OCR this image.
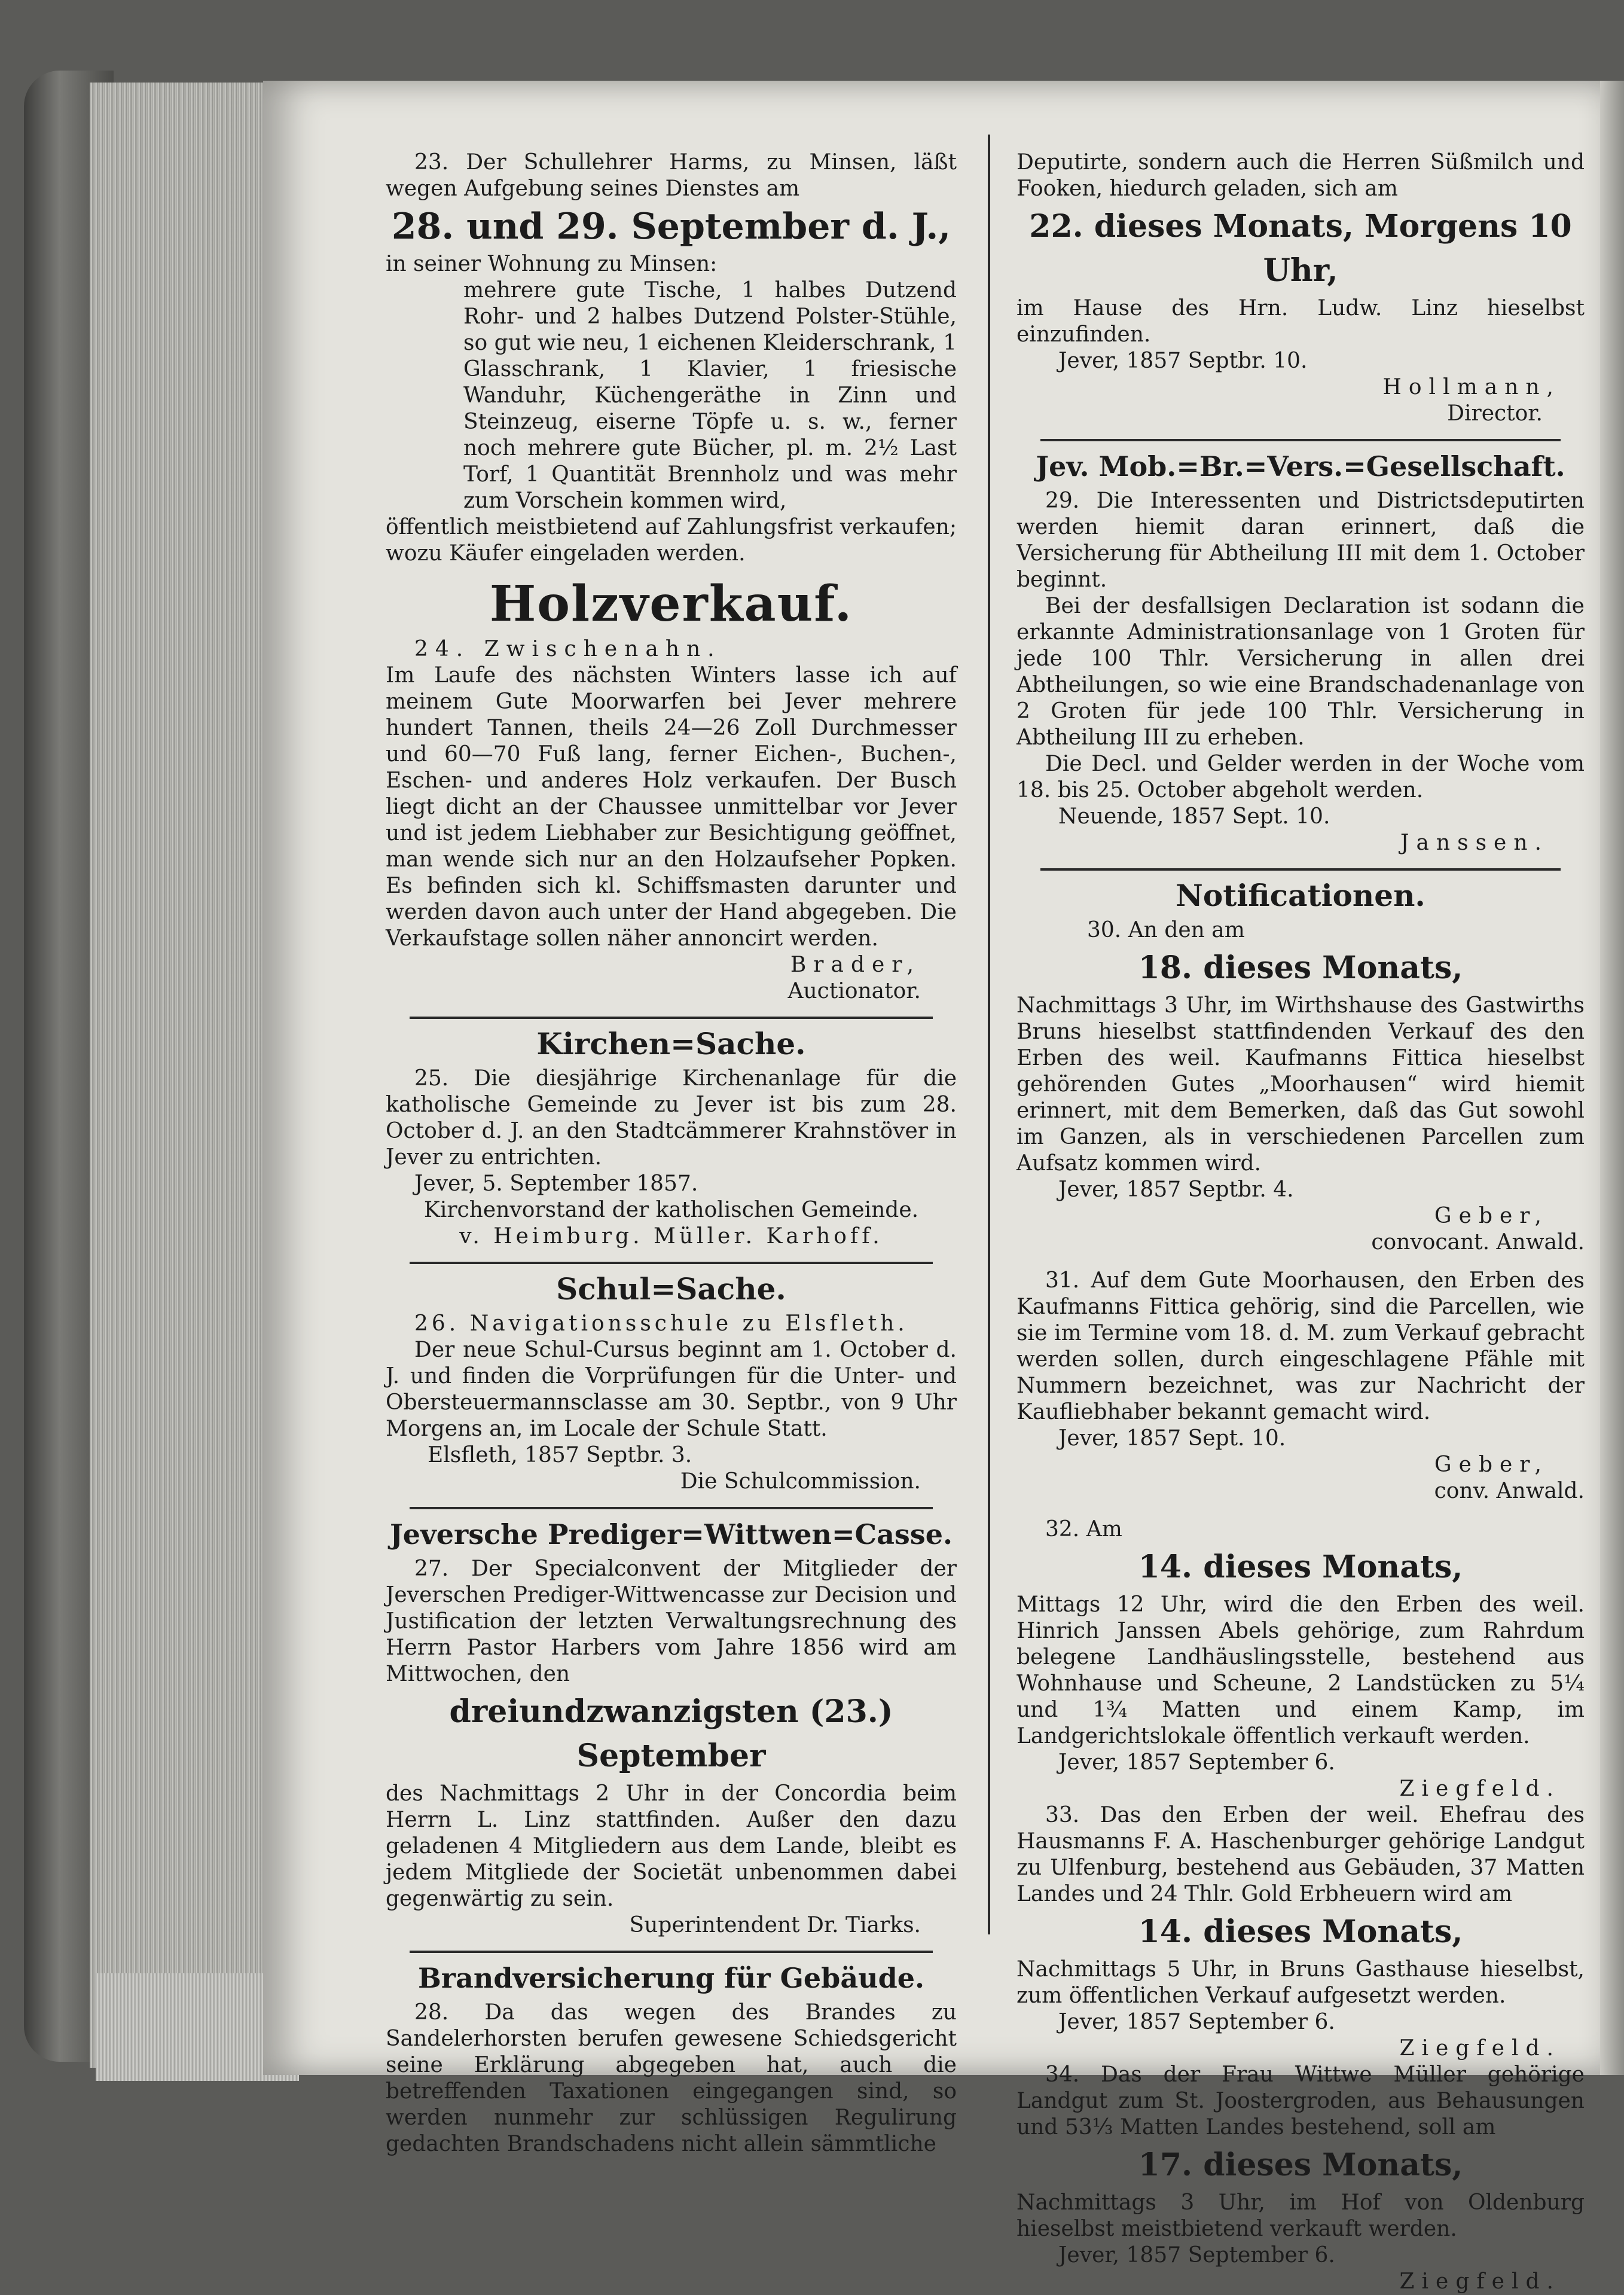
23. Der Schullehrer Harms, zu Minsen, läßt wegen Aufgebung seines Dienstes am

28. und 29. September d. J.,

in seiner Wohnung zu Minsen:

mehrere gute Tische, 1 halbes Dutzend Rohr- und 2 halbes Dutzend Polster-Stühle, so gut wie neu, 1 eichenen Kleiderschrank, 1 Glasschrank, 1 Klavier, 1 friesische Wanduhr, Küchengeräthe in Zinn und Steinzeug, eiserne Töpfe u. s. w., ferner noch mehrere gute Bücher, pl. m. 2½ Last Torf, 1 Quantität Brennholz und was mehr zum Vorschein kommen wird,

öffentlich meistbietend auf Zahlungsfrist verkaufen; wozu Käufer eingeladen werden.

Holzverkauf.

24. Zwischenahn.

Im Laufe des nächsten Winters lasse ich auf meinem Gute Moorwarfen bei Jever mehrere hundert Tannen, theils 24—26 Zoll Durchmesser und 60—70 Fuß lang, ferner Eichen-, Buchen-, Eschen- und anderes Holz verkaufen. Der Busch liegt dicht an der Chaussee unmittelbar vor Jever und ist jedem Liebhaber zur Besichtigung geöffnet, man wende sich nur an den Holzaufseher Popken. Es befinden sich kl. Schiffsmasten darunter und werden davon auch unter der Hand abgegeben. Die Verkaufstage sollen näher annoncirt werden.

Brader,

Auctionator.

Kirchen=Sache.

25. Die diesjährige Kirchenanlage für die katholische Gemeinde zu Jever ist bis zum 28. October d. J. an den Stadtcämmerer Krahnstöver in Jever zu entrichten.

Jever, 5. September 1857.

Kirchenvorstand der katholischen Gemeinde.

v. Heimburg. Müller. Karhoff.

Schul=Sache.

26. Navigationsschule zu Elsfleth.

Der neue Schul-Cursus beginnt am 1. October d. J. und finden die Vorprüfungen für die Unter- und Obersteuermannsclasse am 30. Septbr., von 9 Uhr Morgens an, im Locale der Schule Statt.

Elsfleth, 1857 Septbr. 3.

Die Schulcommission.

Jeversche Prediger=Wittwen=Casse.

27. Der Specialconvent der Mitglieder der Jeverschen Prediger-Wittwencasse zur Decision und Justification der letzten Verwaltungsrechnung des Herrn Pastor Harbers vom Jahre 1856 wird am Mittwochen, den

dreiundzwanzigsten (23.) September

des Nachmittags 2 Uhr in der Concordia beim Herrn L. Linz stattfinden. Außer den dazu geladenen 4 Mitgliedern aus dem Lande, bleibt es jedem Mitgliede der Societät unbenommen dabei gegenwärtig zu sein.

Superintendent Dr. Tiarks.

Brandversicherung für Gebäude.

28. Da das wegen des Brandes zu Sandelerhorsten berufen gewesene Schiedsgericht seine Erklärung abgegeben hat, auch die betreffenden Taxationen eingegangen sind, so werden nunmehr zur schlüssigen Regulirung gedachten Brandschadens nicht allein sämmtliche

Deputirte, sondern auch die Herren Süßmilch und Fooken, hiedurch geladen, sich am

22. dieses Monats, Morgens 10 Uhr,

im Hause des Hrn. Ludw. Linz hieselbst einzufinden.

Jever, 1857 Septbr. 10.

Hollmann,

Director.

Jev. Mob.=Br.=Vers.=Gesellschaft.

29. Die Interessenten und Districtsdeputirten werden hiemit daran erinnert, daß die Versicherung für Abtheilung III mit dem 1. October beginnt.

Bei der desfallsigen Declaration ist sodann die erkannte Administrationsanlage von 1 Groten für jede 100 Thlr. Versicherung in allen drei Abtheilungen, so wie eine Brandschadenanlage von 2 Groten für jede 100 Thlr. Versicherung in Abtheilung III zu erheben.

Die Decl. und Gelder werden in der Woche vom 18. bis 25. October abgeholt werden.

Neuende, 1857 Sept. 10.

Janssen.

Notificationen.

30. An den am

18. dieses Monats,

Nachmittags 3 Uhr, im Wirthshause des Gastwirths Bruns hieselbst stattfindenden Verkauf des den Erben des weil. Kaufmanns Fittica hieselbst gehörenden Gutes „Moorhausen“ wird hiemit erinnert, mit dem Bemerken, daß das Gut sowohl im Ganzen, als in verschiedenen Parcellen zum Aufsatz kommen wird.

Jever, 1857 Septbr. 4.

Geber,

convocant. Anwald.

31. Auf dem Gute Moorhausen, den Erben des Kaufmanns Fittica gehörig, sind die Parcellen, wie sie im Termine vom 18. d. M. zum Verkauf gebracht werden sollen, durch eingeschlagene Pfähle mit Nummern bezeichnet, was zur Nachricht der Kaufliebhaber bekannt gemacht wird.

Jever, 1857 Sept. 10.

Geber,

conv. Anwald.

32. Am

14. dieses Monats,

Mittags 12 Uhr, wird die den Erben des weil. Hinrich Janssen Abels gehörige, zum Rahrdum belegene Landhäuslingsstelle, bestehend aus Wohnhause und Scheune, 2 Landstücken zu 5¼ und 1¾ Matten und einem Kamp, im Landgerichtslokale öffentlich verkauft werden.

Jever, 1857 September 6.

Ziegfeld.

33. Das den Erben der weil. Ehefrau des Hausmanns F. A. Haschenburger gehörige Landgut zu Ulfenburg, bestehend aus Gebäuden, 37 Matten Landes und 24 Thlr. Gold Erbheuern wird am

14. dieses Monats,

Nachmittags 5 Uhr, in Bruns Gasthause hieselbst, zum öffentlichen Verkauf aufgesetzt werden.

Jever, 1857 September 6.

Ziegfeld.

34. Das der Frau Wittwe Müller gehörige Landgut zum St. Joostergroden, aus Behausungen und 53⅓ Matten Landes bestehend, soll am

17. dieses Monats,

Nachmittags 3 Uhr, im Hof von Oldenburg hieselbst meistbietend verkauft werden.

Jever, 1857 September 6.

Ziegfeld.
